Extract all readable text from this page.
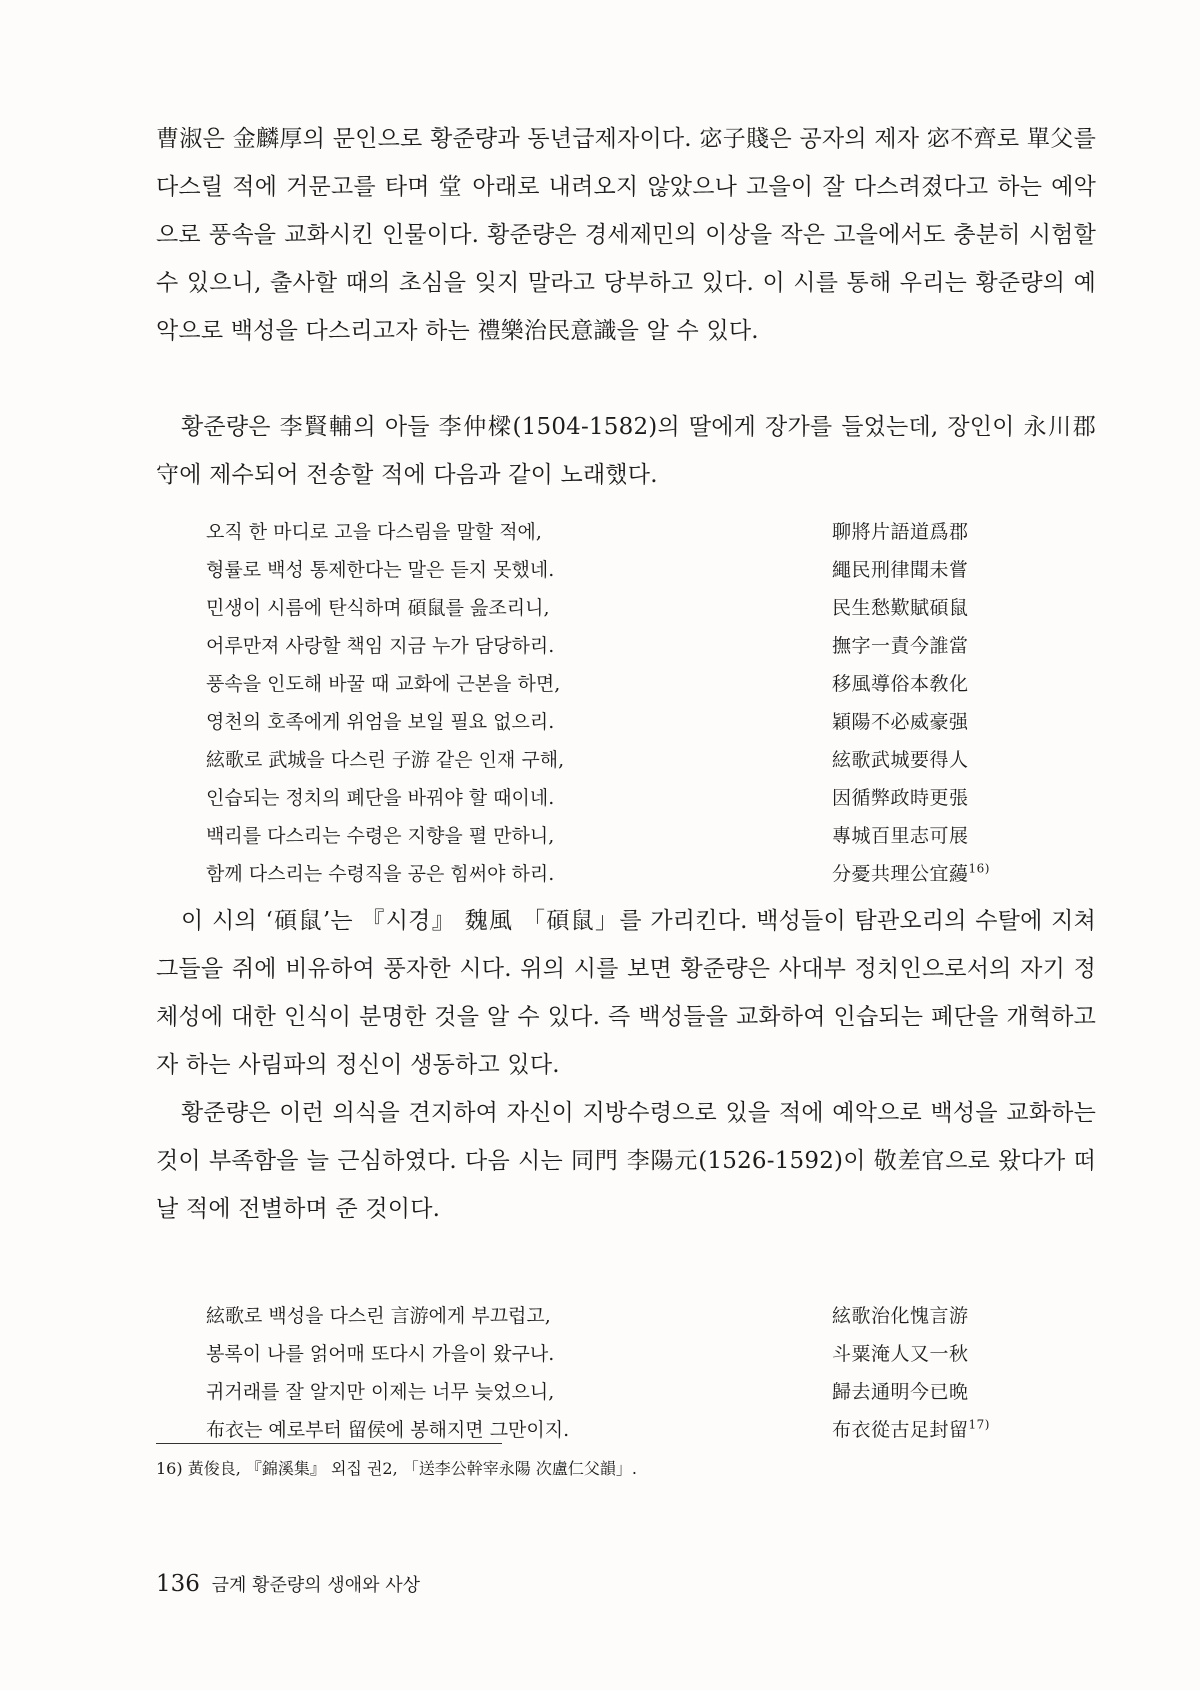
曹淑은 金麟厚의 문인으로 황준량과 동년급제자이다. 宓子賤은 공자의 제자 宓不齊로 單父를 다스릴 적에 거문고를 타며 堂 아래로 내려오지 않았으나 고을이 잘 다스려졌다고 하는 예악으로 풍속을 교화시킨 인물이다. 황준량은 경세제민의 이상을 작은 고을에서도 충분히 시험할 수 있으니, 출사할 때의 초심을 잊지 말라고 당부하고 있다. 이 시를 통해 우리는 황준량의 예악으로 백성을 다스리고자 하는 禮樂治民意識을 알 수 있다.

황준량은 李賢輔의 아들 李仲樑(1504-1582)의 딸에게 장가를 들었는데, 장인이 永川郡守에 제수되어 전송할 적에 다음과 같이 노래했다.

오직 한 마디로 고을 다스림을 말할 적에,	聊將片語道爲郡
형률로 백성 통제한다는 말은 듣지 못했네.	繩民刑律聞未嘗
민생이 시름에 탄식하며 碩鼠를 읊조리니,	民生愁歎賦碩鼠
어루만져 사랑할 책임 지금 누가 담당하리.	撫字一責今誰當
풍속을 인도해 바꿀 때 교화에 근본을 하면,	移風導俗本敎化
영천의 호족에게 위엄을 보일 필요 없으리.	穎陽不必威豪强
絃歌로 武城을 다스린 子游 같은 인재 구해,	絃歌武城要得人
인습되는 정치의 폐단을 바꿔야 할 때이네.	因循弊政時更張
백리를 다스리는 수령은 지향을 펼 만하니,	專城百里志可展
함께 다스리는 수령직을 공은 힘써야 하리.	分憂共理公宜蘰$^{16)}$

이 시의 ‘碩鼠’는 『시경』 魏風 「碩鼠」를 가리킨다. 백성들이 탐관오리의 수탈에 지쳐 그들을 쥐에 비유하여 풍자한 시다. 위의 시를 보면 황준량은 사대부 정치인으로서의 자기 정체성에 대한 인식이 분명한 것을 알 수 있다. 즉 백성들을 교화하여 인습되는 폐단을 개혁하고자 하는 사림파의 정신이 생동하고 있다.

황준량은 이런 의식을 견지하여 자신이 지방수령으로 있을 적에 예악으로 백성을 교화하는 것이 부족함을 늘 근심하였다. 다음 시는 同門 李陽元(1526-1592)이 敬差官으로 왔다가 떠날 적에 전별하며 준 것이다.

絃歌로 백성을 다스린 言游에게 부끄럽고,	絃歌治化愧言游
봉록이 나를 얽어매 또다시 가을이 왔구나.	斗粟淹人又一秋
귀거래를 잘 알지만 이제는 너무 늦었으니,	歸去通明今已晩
布衣는 예로부터 留侯에 봉해지면 그만이지.	布衣從古足封留$^{17)}$
16) 黃俊良, 『錦溪集』 외집 권2, 「送李公幹宰永陽 次盧仁父韻」.
136 금계 황준량의 생애와 사상
